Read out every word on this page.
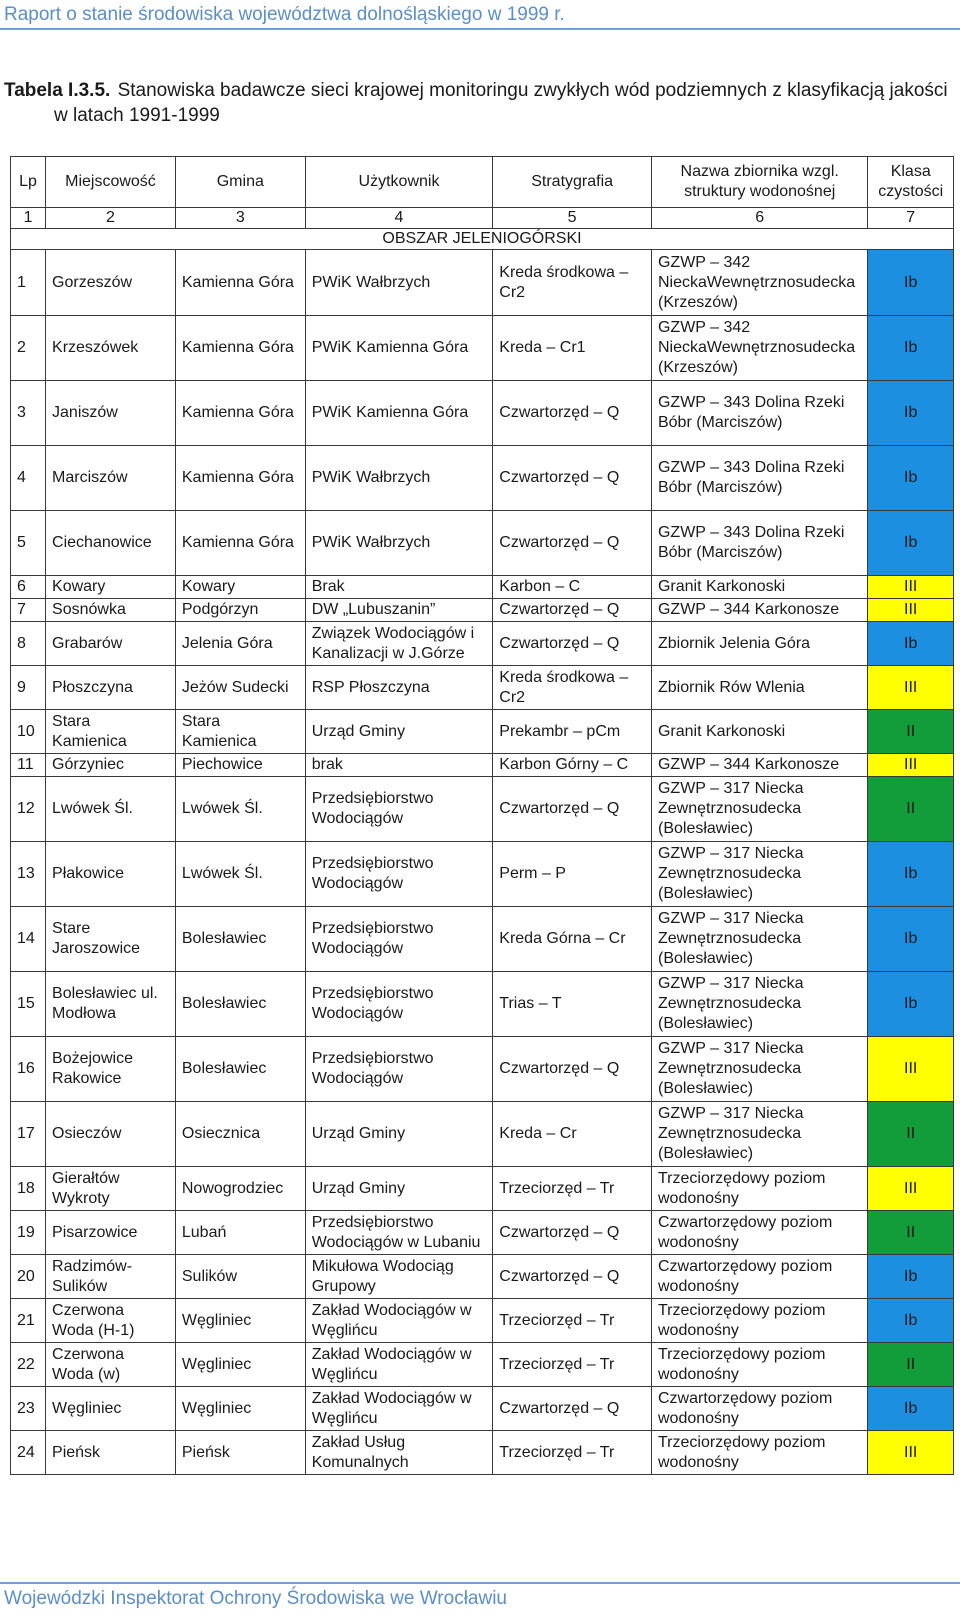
Raport o stanie środowiska województwa dolnośląskiego w 1999 r.
Tabela I.3.5. Stanowiska badawcze sieci krajowej monitoringu zwykłych wód podziemnych z klasyfikacją jakości
w latach 1991-1999
Lp	Miejscowość	Gmina	Użytkownik	Stratygrafia	Nazwa zbiornika wzgl. struktury wodonośnej	Klasa czystości
1	2	3	4	5	6	7
OBSZAR JELENIOGÓRSKI						
1	Gorzeszów	Kamienna Góra	PWiK Wałbrzych	Kreda środkowa – Cr2	GZWP – 342 NieckaWewnętrznosudecka (Krzeszów)	Ib
2	Krzeszówek	Kamienna Góra	PWiK Kamienna Góra	Kreda – Cr1	GZWP – 342 NieckaWewnętrznosudecka (Krzeszów)	Ib
3	Janiszów	Kamienna Góra	PWiK Kamienna Góra	Czwartorzęd – Q	GZWP – 343 Dolina Rzeki Bóbr (Marciszów)	Ib
4	Marciszów	Kamienna Góra	PWiK Wałbrzych	Czwartorzęd – Q	GZWP – 343 Dolina Rzeki Bóbr (Marciszów)	Ib
5	Ciechanowice	Kamienna Góra	PWiK Wałbrzych	Czwartorzęd – Q	GZWP – 343 Dolina Rzeki Bóbr (Marciszów)	Ib
6	Kowary	Kowary	Brak	Karbon – C	Granit Karkonoski	III
7	Sosnówka	Podgórzyn	DW „Lubuszanin”	Czwartorzęd – Q	GZWP – 344 Karkonosze	III
8	Grabarów	Jelenia Góra	Związek Wodociągów i Kanalizacji w J.Górze	Czwartorzęd – Q	Zbiornik Jelenia Góra	Ib
9	Płoszczyna	Jeżów Sudecki	RSP Płoszczyna	Kreda środkowa – Cr2	Zbiornik Rów Wlenia	III
10	Stara Kamienica	Stara Kamienica	Urząd Gminy	Prekambr – pCm	Granit Karkonoski	II
11	Górzyniec	Piechowice	brak	Karbon Górny – C	GZWP – 344 Karkonosze	III
12	Lwówek Śl.	Lwówek Śl.	Przedsiębiorstwo Wodociągów	Czwartorzęd – Q	GZWP – 317 Niecka Zewnętrznosudecka (Bolesławiec)	II
13	Płakowice	Lwówek Śl.	Przedsiębiorstwo Wodociągów	Perm – P	GZWP – 317 Niecka Zewnętrznosudecka (Bolesławiec)	Ib
14	Stare Jaroszowice	Bolesławiec	Przedsiębiorstwo Wodociągów	Kreda Górna – Cr	GZWP – 317 Niecka Zewnętrznosudecka (Bolesławiec)	Ib
15	Bolesławiec ul. Modłowa	Bolesławiec	Przedsiębiorstwo Wodociągów	Trias – T	GZWP – 317 Niecka Zewnętrznosudecka (Bolesławiec)	Ib
16	Bożejowice Rakowice	Bolesławiec	Przedsiębiorstwo Wodociągów	Czwartorzęd – Q	GZWP – 317 Niecka Zewnętrznosudecka (Bolesławiec)	III
17	Osieczów	Osiecznica	Urząd Gminy	Kreda – Cr	GZWP – 317 Niecka Zewnętrznosudecka (Bolesławiec)	II
18	Gierałtów Wykroty	Nowogrodziec	Urząd Gminy	Trzeciorzęd – Tr	Trzeciorzędowy poziom wodonośny	III
19	Pisarzowice	Lubań	Przedsiębiorstwo Wodociągów w Lubaniu	Czwartorzęd – Q	Czwartorzędowy poziom wodonośny	II
20	Radzimów- Sulików	Sulików	Mikułowa Wodociąg Grupowy	Czwartorzęd – Q	Czwartorzędowy poziom wodonośny	Ib
21	Czerwona Woda (H-1)	Węgliniec	Zakład Wodociągów w Węglińcu	Trzeciorzęd – Tr	Trzeciorzędowy poziom wodonośny	Ib
22	Czerwona Woda (w)	Węgliniec	Zakład Wodociągów w Węglińcu	Trzeciorzęd – Tr	Trzeciorzędowy poziom wodonośny	II
23	Węgliniec	Węgliniec	Zakład Wodociągów w Węglińcu	Czwartorzęd – Q	Czwartorzędowy poziom wodonośny	Ib
24	Pieńsk	Pieńsk	Zakład Usług Komunalnych	Trzeciorzęd – Tr	Trzeciorzędowy poziom wodonośny	III
Wojewódzki Inspektorat Ochrony Środowiska we Wrocławiu
